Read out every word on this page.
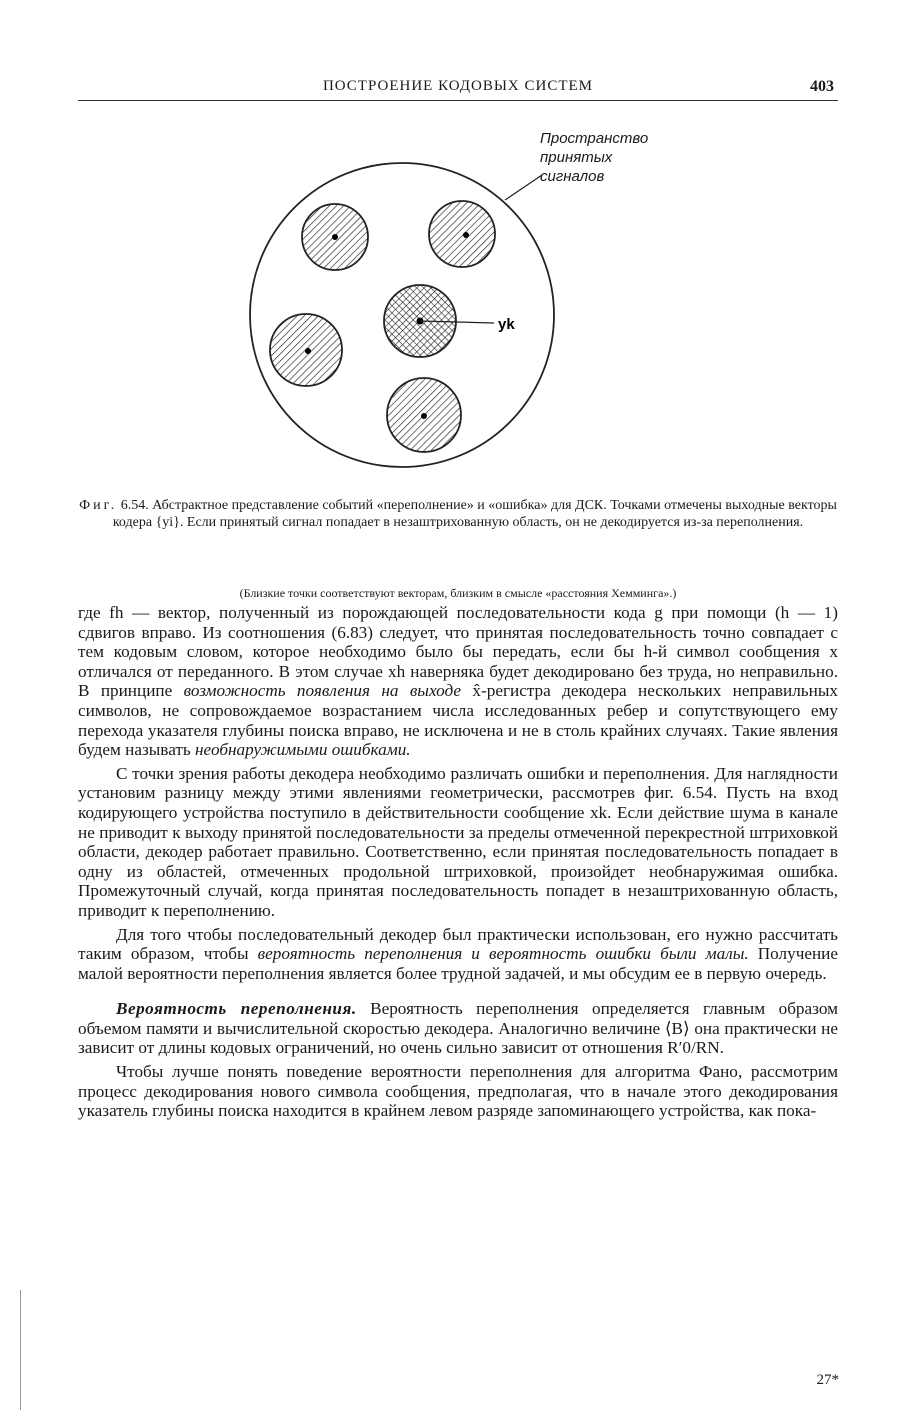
ПОСТРОЕНИЕ КОДОВЫХ СИСТЕМ	403
yk
Пространство
принятых
сигналов
Фиг. 6.54. Абстрактное представление событий «переполнение» и «ошибка» для ДСК. Точками отмечены выходные векторы кодера {yi}. Если принятый сигнал попадает в незаштрихованную область, он не декодируется из-за переполнения.
(Близкие точки соответствуют векторам, близким в смысле «расстояния Хемминга».)

где fh — вектор, полученный из порождающей последовательности кода g при помощи (h — 1) сдвигов вправо. Из соотношения (6.83) следует, что принятая последовательность точно совпадает с тем кодовым словом, которое необходимо было бы передать, если бы h-й символ сообщения x отличался от переданного. В этом случае xh наверняка будет декодировано без труда, но неправильно. В принципе возможность появления на выходе x̂-регистра декодера нескольких неправильных символов, не сопровождаемое возрастанием числа исследованных ребер и сопутствующего ему перехода указателя глубины поиска вправо, не исключена и не в столь крайних случаях. Такие явления будем называть необнаружимыми ошибками.

С точки зрения работы декодера необходимо различать ошибки и переполнения. Для наглядности установим разницу между этими явлениями геометрически, рассмотрев фиг. 6.54. Пусть на вход кодирующего устройства поступило в действительности сообщение xk. Если действие шума в канале не приводит к выходу принятой последовательности за пределы отмеченной перекрестной штриховкой области, декодер работает правильно. Соответственно, если принятая последовательность попадает в одну из областей, отмеченных продольной штриховкой, произойдет необнаружимая ошибка. Промежуточный случай, когда принятая последовательность попадет в незаштрихованную область, приводит к переполнению.

Для того чтобы последовательный декодер был практически использован, его нужно рассчитать таким образом, чтобы вероятность переполнения и вероятность ошибки были малы. Получение малой вероятности переполнения является более трудной задачей, и мы обсудим ее в первую очередь.

Вероятность переполнения. Вероятность переполнения определяется главным образом объемом памяти и вычислительной скоростью декодера. Аналогично величине ⟨B⟩ она практически не зависит от длины кодовых ограничений, но очень сильно зависит от отношения R′0/RN.

Чтобы лучше понять поведение вероятности переполнения для алгоритма Фано, рассмотрим процесс декодирования нового символа сообщения, предполагая, что в начале этого декодирования указатель глубины поиска находится в крайнем левом разряде запоминающего устройства, как пока-

27*
